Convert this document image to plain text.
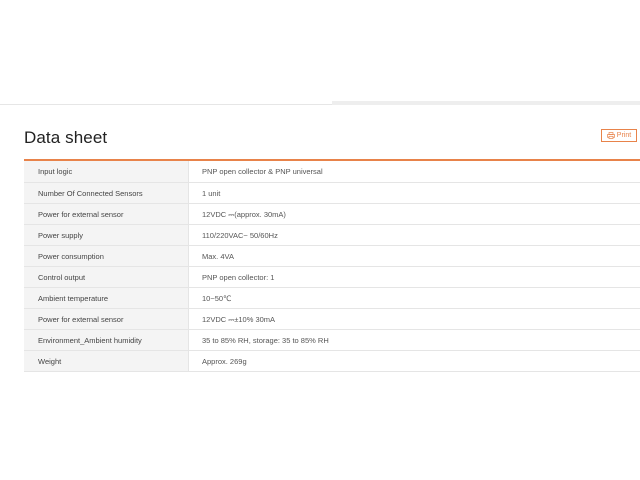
Data sheet	Print
Input logic	PNP open collector & PNP universal
Number Of Connected Sensors	1 unit
Power for external sensor	12VDC ⎓(approx. 30mA)
Power supply	110/220VAC~ 50/60Hz
Power consumption	Max. 4VA
Control output	PNP open collector: 1
Ambient temperature	10~50℃
Power for external sensor	12VDC ⎓±10% 30mA
Environment_Ambient humidity	35 to 85% RH, storage: 35 to 85% RH
Weight	Approx. 269g
